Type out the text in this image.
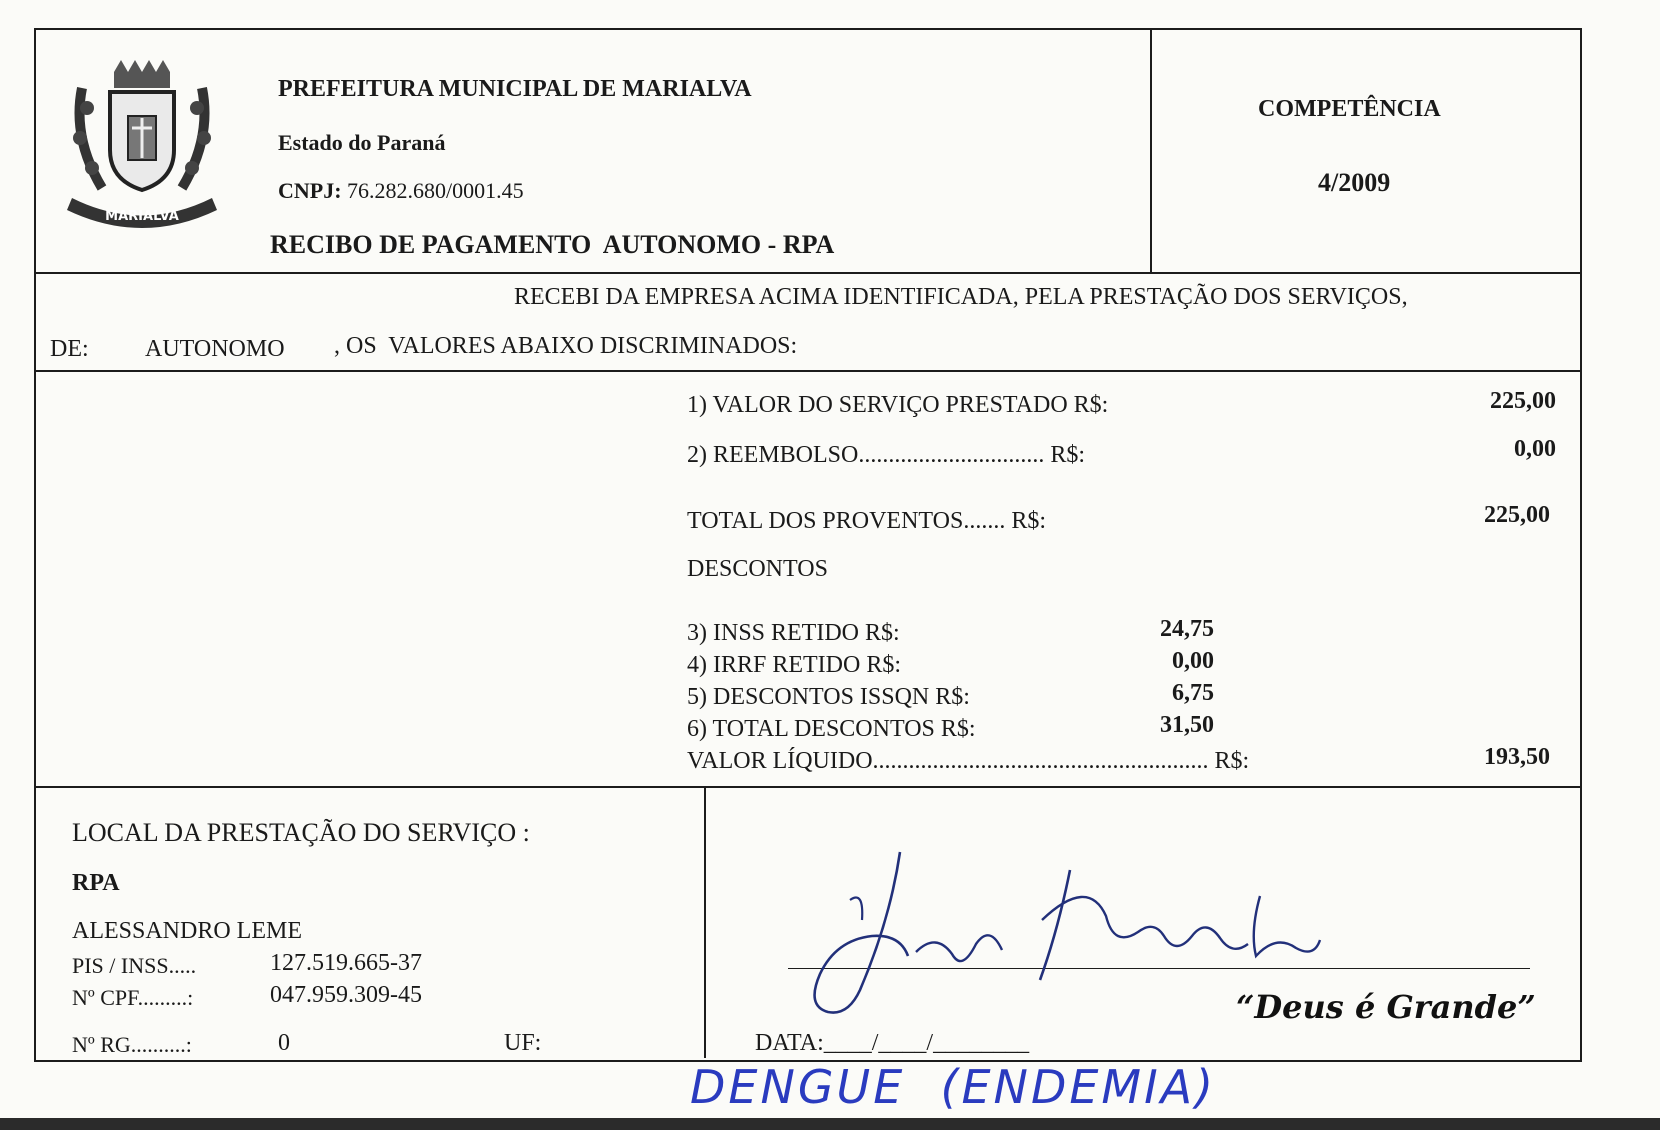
MARIALVA
PREFEITURA MUNICIPAL DE MARIALVA
Estado do Paraná
CNPJ: 76.282.680/0001.45
RECIBO DE PAGAMENTO  AUTONOMO - RPA
COMPETÊNCIA
4/2009
RECEBI DA EMPRESA ACIMA IDENTIFICADA, PELA PRESTAÇÃO DOS SERVIÇOS,
DE: AUTONOMO , OS  VALORES ABAIXO DISCRIMINADOS:
1) VALOR DO SERVIÇO PRESTADO R$:	225,00
2) REEMBOLSO............................... R$:	0,00
TOTAL DOS PROVENTOS....... R$:	225,00
DESCONTOS
3) INSS RETIDO R$:	24,75
4) IRRF RETIDO R$:	0,00
5) DESCONTOS ISSQN R$:	6,75
6) TOTAL DESCONTOS R$:	31,50
VALOR LÍQUIDO........................................................ R$:	193,50
LOCAL DA PRESTAÇÃO DO SERVIÇO :
RPA
ALESSANDRO LEME
PIS / INSS.....	127.519.665-37
Nº CPF.........:	047.959.309-45
Nº RG..........:	0	UF:
“Deus é Grande”
DATA:____/____/________
DENGUE  (ENDEMIA)
